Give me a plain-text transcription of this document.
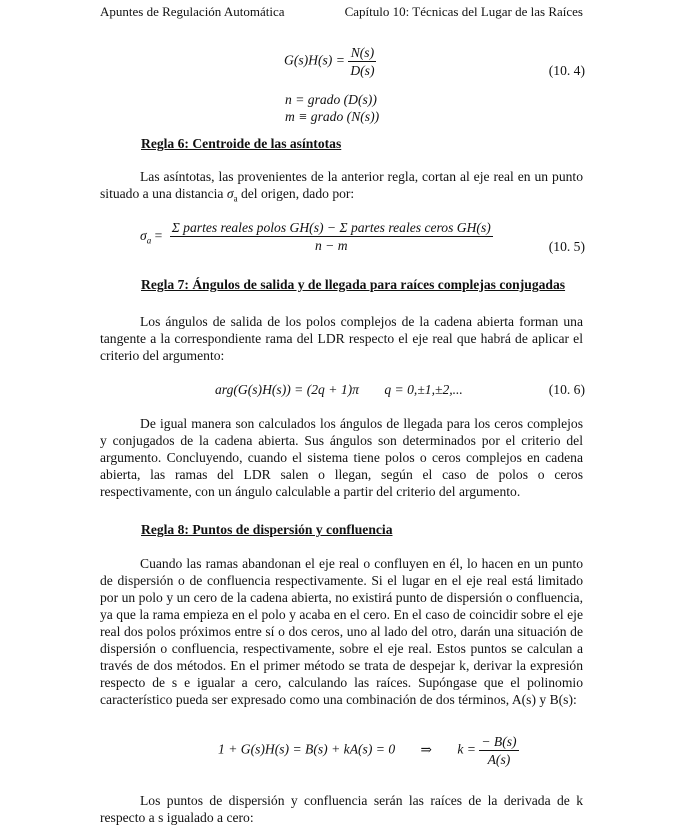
Apuntes de Regulación Automática	Capítulo 10: Técnicas del Lugar de las Raíces
$G(s)H(s) = \frac{N(s)}{D(s)}$	(10. 4)
n = grado (D(s))
m ≡ grado (N(s))
Regla 6: Centroide de las asíntotas

Las asíntotas, las provenientes de la anterior regla, cortan al eje real en un punto situado a una distancia $\sigma_a$ del origen, dado por:

$\sigma_a = \frac{\text{Σ partes reales polos GH(s) − Σ partes reales ceros GH(s)}}{n - m}$	(10. 5)
Regla 7: Ángulos de salida y de llegada para raíces complejas conjugadas

Los ángulos de salida de los polos complejos de la cadena abierta forman una tangente a la correspondiente rama del LDR respecto el eje real que habrá de aplicar el criterio del argumento:

arg(G(s)H(s)) = (2q + 1)π q = 0,±1,±2,...	(10. 6)

De igual manera son calculados los ángulos de llegada para los ceros complejos y conjugados de la cadena abierta. Sus ángulos son determinados por el criterio del argumento. Concluyendo, cuando el sistema tiene polos o ceros complejos en cadena abierta, las ramas del LDR salen o llegan, según el caso de polos o ceros respectivamente, con un ángulo calculable a partir del criterio del argumento.

Regla 8: Puntos de dispersión y confluencia

Cuando las ramas abandonan el eje real o confluyen en él, lo hacen en un punto de dispersión o de confluencia respectivamente. Si el lugar en el eje real está limitado por un polo y un cero de la cadena abierta, no existirá punto de dispersión o confluencia, ya que la rama empieza en el polo y acaba en el cero. En el caso de coincidir sobre el eje real dos polos próximos entre sí o dos ceros, uno al lado del otro, darán una situación de dispersión o confluencia, respectivamente, sobre el eje real. Estos puntos se calculan a través de dos métodos. En el primer método se trata de despejar k, derivar la expresión respecto de s e igualar a cero, calculando las raíces. Supóngase que el polinomio característico pueda ser expresado como una combinación de dos términos, A(s) y B(s):

1 + G(s)H(s) = B(s) + kA(s) = 0 ⇒ $k = \frac{- B(s)}{A(s)}$

Los puntos de dispersión y confluencia serán las raíces de la derivada de k respecto a s igualado a cero:
